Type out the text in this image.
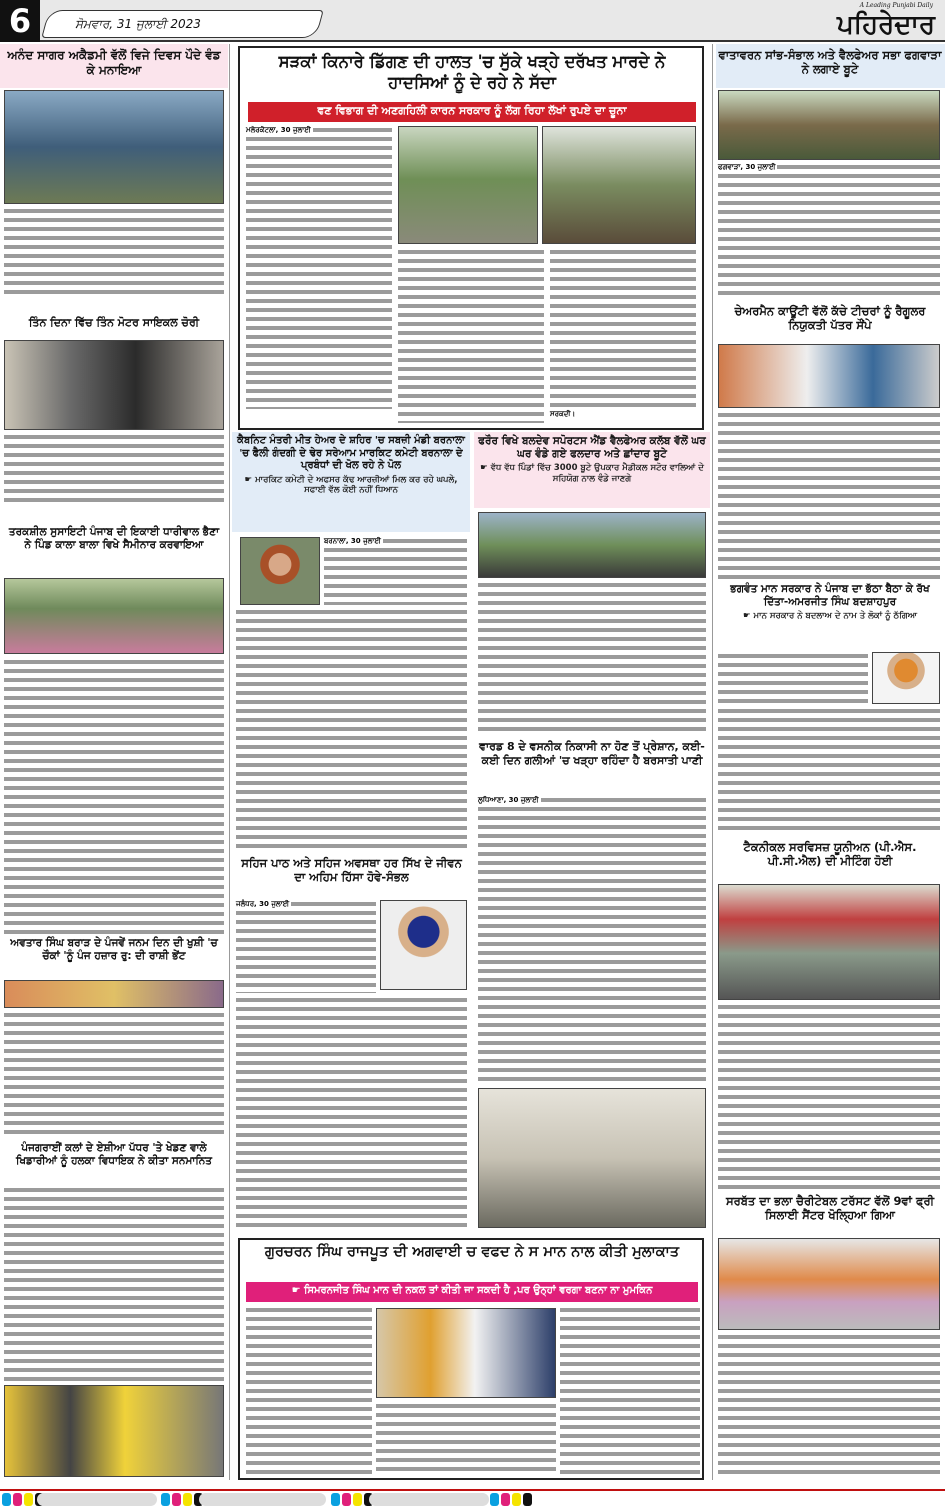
6	ਸੋਮਵਾਰ, 31 ਜੁਲਾਈ 2023
A Leading Punjabi Daily
ਪਹਿਰੇਦਾਰ
ਅਨੰਦ ਸਾਗਰ ਅਕੈਡਮੀ ਵੱਲੋਂ ਵਿਜੇ ਦਿਵਸ ਪੌਦੇ ਵੰਡ ਕੇ ਮਨਾਇਆ
ਤਿੰਨ ਦਿਨਾ ਵਿੱਚ ਤਿੰਨ ਮੋਟਰ ਸਾਇਕਲ ਚੋਰੀ
ਤਰਕਸ਼ੀਲ ਸੁਸਾਇਟੀ ਪੰਜਾਬ ਦੀ ਇਕਾਈ ਧਾਰੀਵਾਲ ਭੈਣਾ ਨੇ ਪਿੰਡ ਕਾਲਾ ਬਾਲਾ ਵਿਖੇ ਸੈਮੀਨਾਰ ਕਰਵਾਇਆ
ਅਵਤਾਰ ਸਿੰਘ ਬਰਾੜ ਦੇ ਪੰਜਵੇਂ ਜਨਮ ਦਿਨ ਦੀ ਖੁਸ਼ੀ 'ਚ ਚੌਕਾਂ 'ਨੂੰ ਪੰਜ ਹਜ਼ਾਰ ਰੁ: ਦੀ ਰਾਸ਼ੀ ਭੇਂਟ
ਪੰਜਗਰਾਈਂ ਕਲਾਂ ਦੇ ਏਸ਼ੀਆ ਪੱਧਰ 'ਤੇ ਖੇਡਣ ਵਾਲੇ ਖਿਡਾਰੀਆਂ ਨੂੰ ਹਲਕਾ ਵਿਧਾਇਕ ਨੇ ਕੀਤਾ ਸਨਮਾਨਿਤ
ਸੜਕਾਂ ਕਿਨਾਰੇ ਡਿੱਗਣ ਦੀ ਹਾਲਤ 'ਚ ਸੁੱਕੇ ਖੜ੍ਹੇ ਦਰੱਖਤ ਮਾਰਦੇ ਨੇ ਹਾਦਸਿਆਂ ਨੂੰ ਦੇ ਰਹੇ ਨੇ ਸੱਦਾ
ਵਣ ਵਿਭਾਗ ਦੀ ਅਣਗਹਿਲੀ ਕਾਰਨ ਸਰਕਾਰ ਨੂੰ ਲੱਗ ਰਿਹਾ ਲੱਖਾਂ ਰੁਪਏ ਦਾ ਚੂਨਾ
ਮਲੇਰਕੋਟਲਾ, 30 ਜੁਲਾਈ
ਸਰਕਦੀ।
ਕੈਬਨਿਟ ਮੰਤਰੀ ਮੀਤ ਹੇਅਰ ਦੇ ਸ਼ਹਿਰ 'ਚ ਸਬਜ਼ੀ ਮੰਡੀ ਬਰਨਾਲਾ 'ਚ ਫੈਲੀ ਗੰਦਗੀ ਦੇ ਢੇਰ ਸਰੇਆਮ ਮਾਰਕਿਟ ਕਮੇਟੀ ਬਰਨਾਲਾ ਦੇ ਪ੍ਰਬੰਧਾਂ ਦੀ ਖੋਲ ਰਹੇ ਨੇ ਪੋਲ
☛ ਮਾਰਕਿਟ ਕਮੇਟੀ ਦੇ ਅਫਸਰ ਕੱਢ ਆਰਜ਼ੀਆਂ ਮਿਲ ਕਰ ਰਹੇ ਘਪਲੇ, ਸਫਾਈ ਵੱਲ ਕੋਈ ਨਹੀਂ ਧਿਆਨ
ਬਰਨਾਲਾ, 30 ਜੁਲਾਈ
ਸਹਿਜ ਪਾਠ ਅਤੇ ਸਹਿਜ ਅਵਸਥਾ ਹਰ ਸਿੱਖ ਦੇ ਜੀਵਨ ਦਾ ਅਹਿਮ ਹਿੱਸਾ ਹੋਵੇ-ਸੰਭਲ
ਜਲੰਧਰ, 30 ਜੁਲਾਈ
ਫਰੌਰ ਵਿਖੇ ਬਲਦੇਵ ਸਪੋਰਟਸ ਐਂਡ ਵੈਲਫੇਅਰ ਕਲੱਬ ਵੱਲੋਂ ਘਰ ਘਰ ਵੰਡੇ ਗਏ ਫਲਦਾਰ ਅਤੇ ਛਾਂਦਾਰ ਬੂਟੇ
☛ ਵੱਧ ਵੱਧ ਪਿੰਡਾਂ ਵਿੱਚ 3000 ਬੂਟੇ ਉਪਕਾਰ ਮੈਡੀਕਲ ਸਟੋਰ ਵਾਲਿਆਂ ਦੇ ਸਹਿਯੋਗ ਨਾਲ ਵੰਡੇ ਜਾਣਗੇ
ਵਾਰਡ 8 ਦੇ ਵਸਨੀਕ ਨਿਕਾਸੀ ਨਾ ਹੋਣ ਤੋਂ ਪ੍ਰੇਸ਼ਾਨ, ਕਈ-ਕਈ ਦਿਨ ਗਲੀਆਂ 'ਚ ਖੜ੍ਹਾ ਰਹਿੰਦਾ ਹੈ ਬਰਸਾਤੀ ਪਾਣੀ
ਲੁਧਿਆਣਾ, 30 ਜੁਲਾਈ
ਗੁਰਚਰਨ ਸਿੰਘ ਰਾਜਪੂਤ ਦੀ ਅਗਵਾਈ ਚ ਵਫਦ ਨੇ ਸ ਮਾਨ ਨਾਲ ਕੀਤੀ ਮੁਲਾਕਾਤ
☛ ਸਿਮਰਨਜੀਤ ਸਿੰਘ ਮਾਨ ਦੀ ਨਕਲ ਤਾਂ ਕੀਤੀ ਜਾ ਸਕਦੀ ਹੈ ,ਪਰ ਉਨ੍ਹਾਂ ਵਰਗਾ ਬਣਨਾ ਨਾ ਮੁਮਕਿਨ
ਵਾਤਾਵਰਨ ਸਾਂਭ-ਸੰਭਾਲ ਅਤੇ ਵੈਲਫੇਅਰ ਸਭਾ ਫਗਵਾੜਾ ਨੇ ਲਗਾਏ ਬੂਟੇ
ਫਗਵਾੜਾ, 30 ਜੁਲਾਈ
ਚੇਅਰਮੈਨ ਕਾਊਂਟੀ ਵੱਲੋਂ ਕੱਚੇ ਟੀਚਰਾਂ ਨੂੰ ਰੈਗੂਲਰ ਨਿਯੁਕਤੀ ਪੱਤਰ ਸੌਂਪੇ
ਭਗਵੰਤ ਮਾਨ ਸਰਕਾਰ ਨੇ ਪੰਜਾਬ ਦਾ ਭੱਠਾ ਬੈਠਾ ਕੇ ਰੱਖ ਦਿੱਤਾ-ਅਮਰਜੀਤ ਸਿੰਘ ਬਦਸ਼ਾਹਪੁਰ
☛ ਮਾਨ ਸਰਕਾਰ ਨੇ ਬਦਲਾਅ ਦੇ ਨਾਮ ਤੇ ਲੋਕਾਂ ਨੂੰ ਠੱਗਿਆ
ਟੈਕਨੀਕਲ ਸਰਵਿਸਜ਼ ਯੂਨੀਅਨ (ਪੀ.ਐਸ. ਪੀ.ਸੀ.ਐਲ) ਦੀ ਮੀਟਿੰਗ ਹੋਈ
ਸਰਬੱਤ ਦਾ ਭਲਾ ਚੈਰੀਟੇਬਲ ਟਰੱਸਟ ਵੱਲੋਂ 9ਵਾਂ ਫ੍ਰੀ ਸਿਲਾਈ ਸੈਂਟਰ ਖੋਲ੍ਹਿਆ ਗਿਆ
